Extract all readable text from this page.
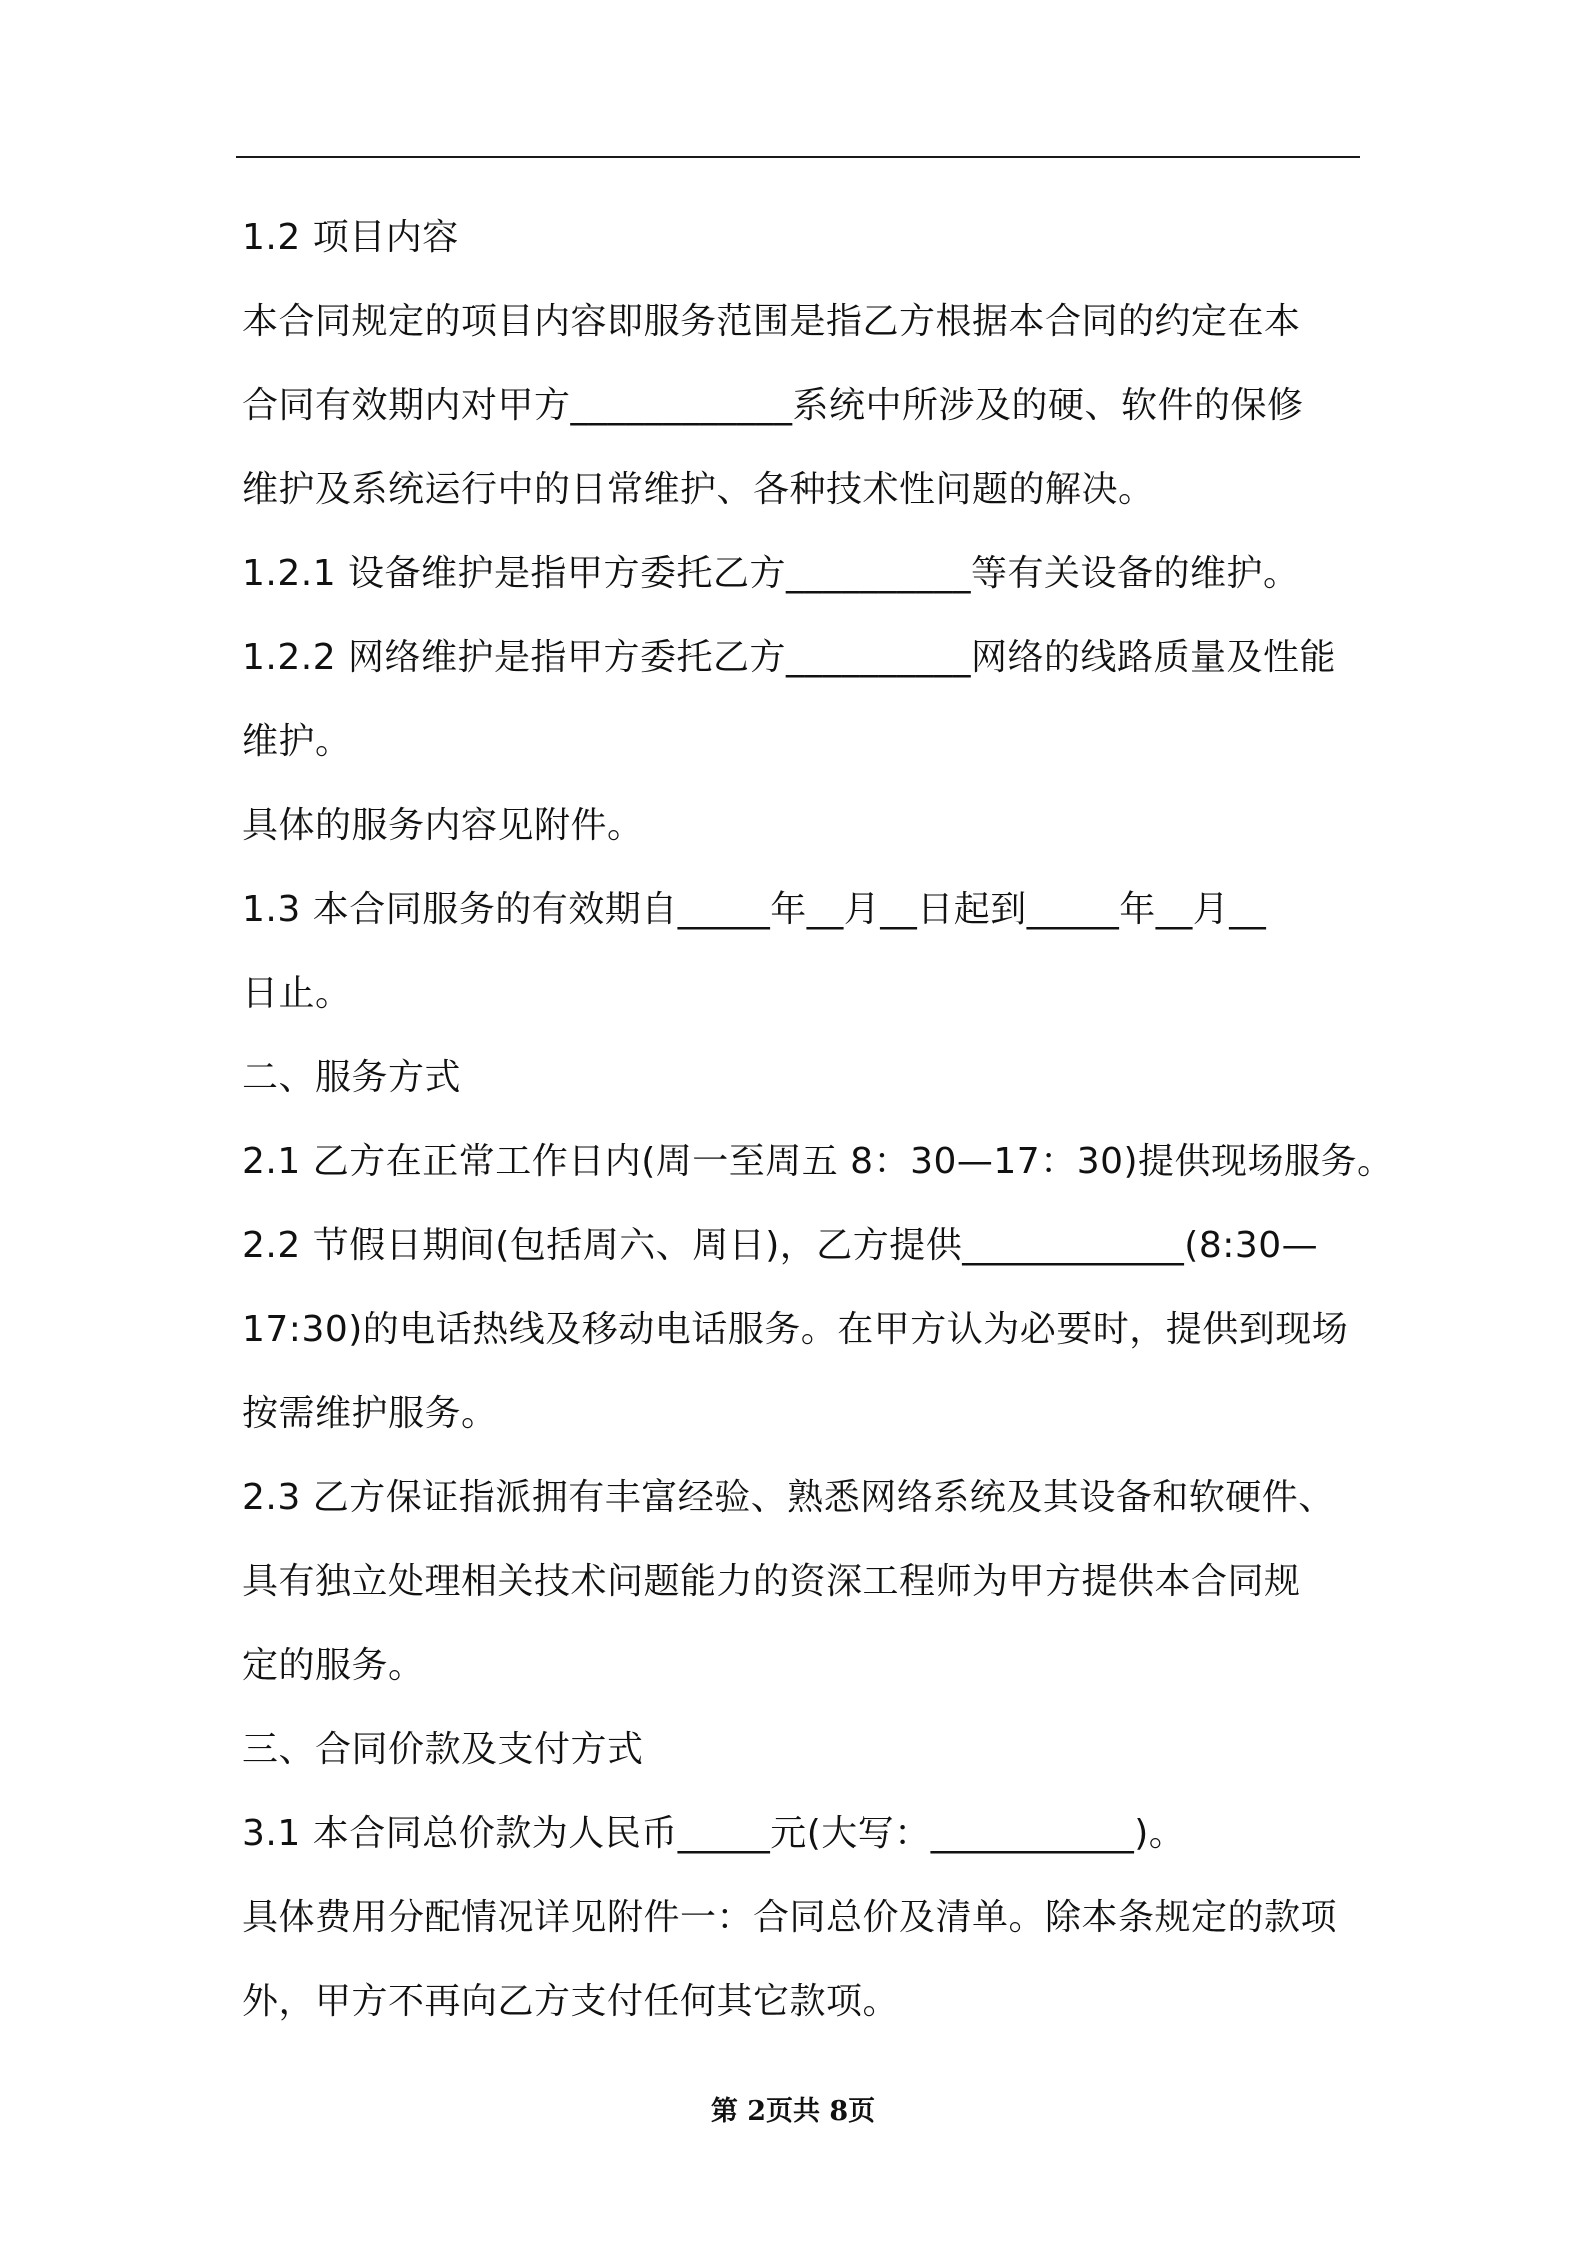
1.2 项目内容
本合同规定的项目内容即服务范围是指乙方根据本合同的约定在本
合同有效期内对甲方____________系统中所涉及的硬、软件的保修
维护及系统运行中的日常维护、各种技术性问题的解决。
1.2.1 设备维护是指甲方委托乙方__________等有关设备的维护。
1.2.2 网络维护是指甲方委托乙方__________网络的线路质量及性能
维护。
具体的服务内容见附件。
1.3 本合同服务的有效期自_____年__月__日起到_____年__月__
日止。
二、服务方式
2.1 乙方在正常工作日内(周一至周五 8：30—17：30)提供现场服务。
2.2 节假日期间(包括周六、周日)，乙方提供____________(8:30—
17:30)的电话热线及移动电话服务。在甲方认为必要时，提供到现场
按需维护服务。
2.3 乙方保证指派拥有丰富经验、熟悉网络系统及其设备和软硬件、
具有独立处理相关技术问题能力的资深工程师为甲方提供本合同规
定的服务。
三、合同价款及支付方式
3.1 本合同总价款为人民币_____元(大写：___________)。
具体费用分配情况详见附件一：合同总价及清单。除本条规定的款项
外，甲方不再向乙方支付任何其它款项。
第 2页共 8页
